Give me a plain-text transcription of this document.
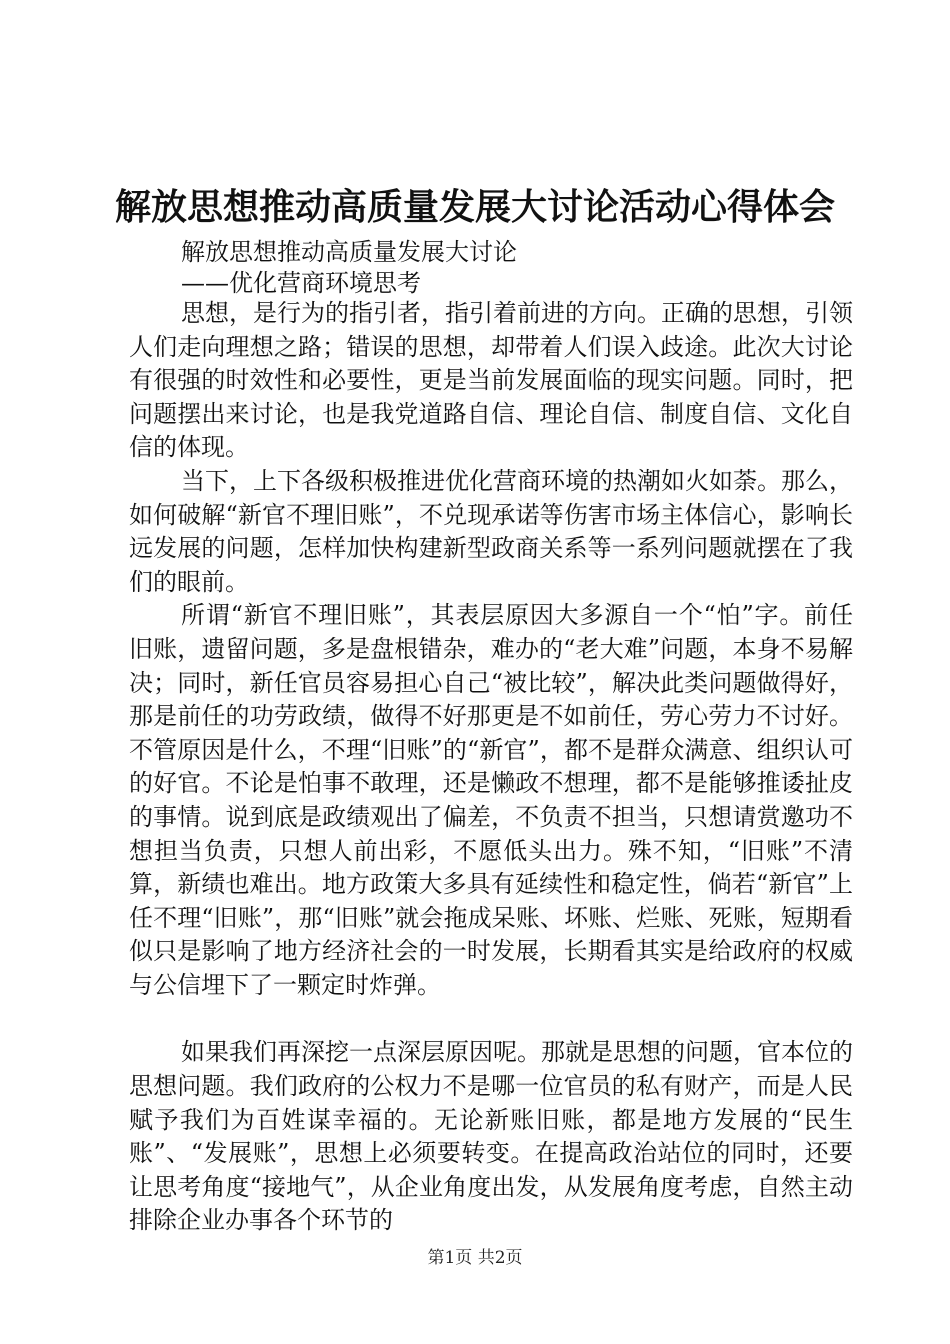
解放思想推动高质量发展大讨论活动心得体会
解放思想推动高质量发展大讨论
——优化营商环境思考

思想，是行为的指引者，指引着前进的方向。正确的思想，引领人们走向理想之路；错误的思想，却带着人们误入歧途。此次大讨论有很强的时效性和必要性，更是当前发展面临的现实问题。同时，把问题摆出来讨论，也是我党道路自信、理论自信、制度自信、文化自信的体现。

当下，上下各级积极推进优化营商环境的热潮如火如荼。那么，如何破解“新官不理旧账”，不兑现承诺等伤害市场主体信心，影响长远发展的问题，怎样加快构建新型政商关系等一系列问题就摆在了我们的眼前。

所谓“新官不理旧账”，其表层原因大多源自一个“怕”字。前任旧账，遗留问题，多是盘根错杂，难办的“老大难”问题，本身不易解决；同时，新任官员容易担心自己“被比较”，解决此类问题做得好，那是前任的功劳政绩，做得不好那更是不如前任，劳心劳力不讨好。不管原因是什么，不理“旧账”的“新官”，都不是群众满意、组织认可的好官。不论是怕事不敢理，还是懒政不想理，都不是能够推诿扯皮的事情。说到底是政绩观出了偏差，不负责不担当，只想请赏邀功不想担当负责，只想人前出彩，不愿低头出力。殊不知，“旧账”不清算，新绩也难出。地方政策大多具有延续性和稳定性，倘若“新官”上任不理“旧账”，那“旧账”就会拖成呆账、坏账、烂账、死账，短期看似只是影响了地方经济社会的一时发展，长期看其实是给政府的权威与公信埋下了一颗定时炸弹。

如果我们再深挖一点深层原因呢。那就是思想的问题，官本位的思想问题。我们政府的公权力不是哪一位官员的私有财产，而是人民赋予我们为百姓谋幸福的。无论新账旧账，都是地方发展的“民生账”、“发展账”，思想上必须要转变。在提高政治站位的同时，还要让思考角度“接地气”，从企业角度出发，从发展角度考虑，自然主动排除企业办事各个环节的

第1页 共2页
